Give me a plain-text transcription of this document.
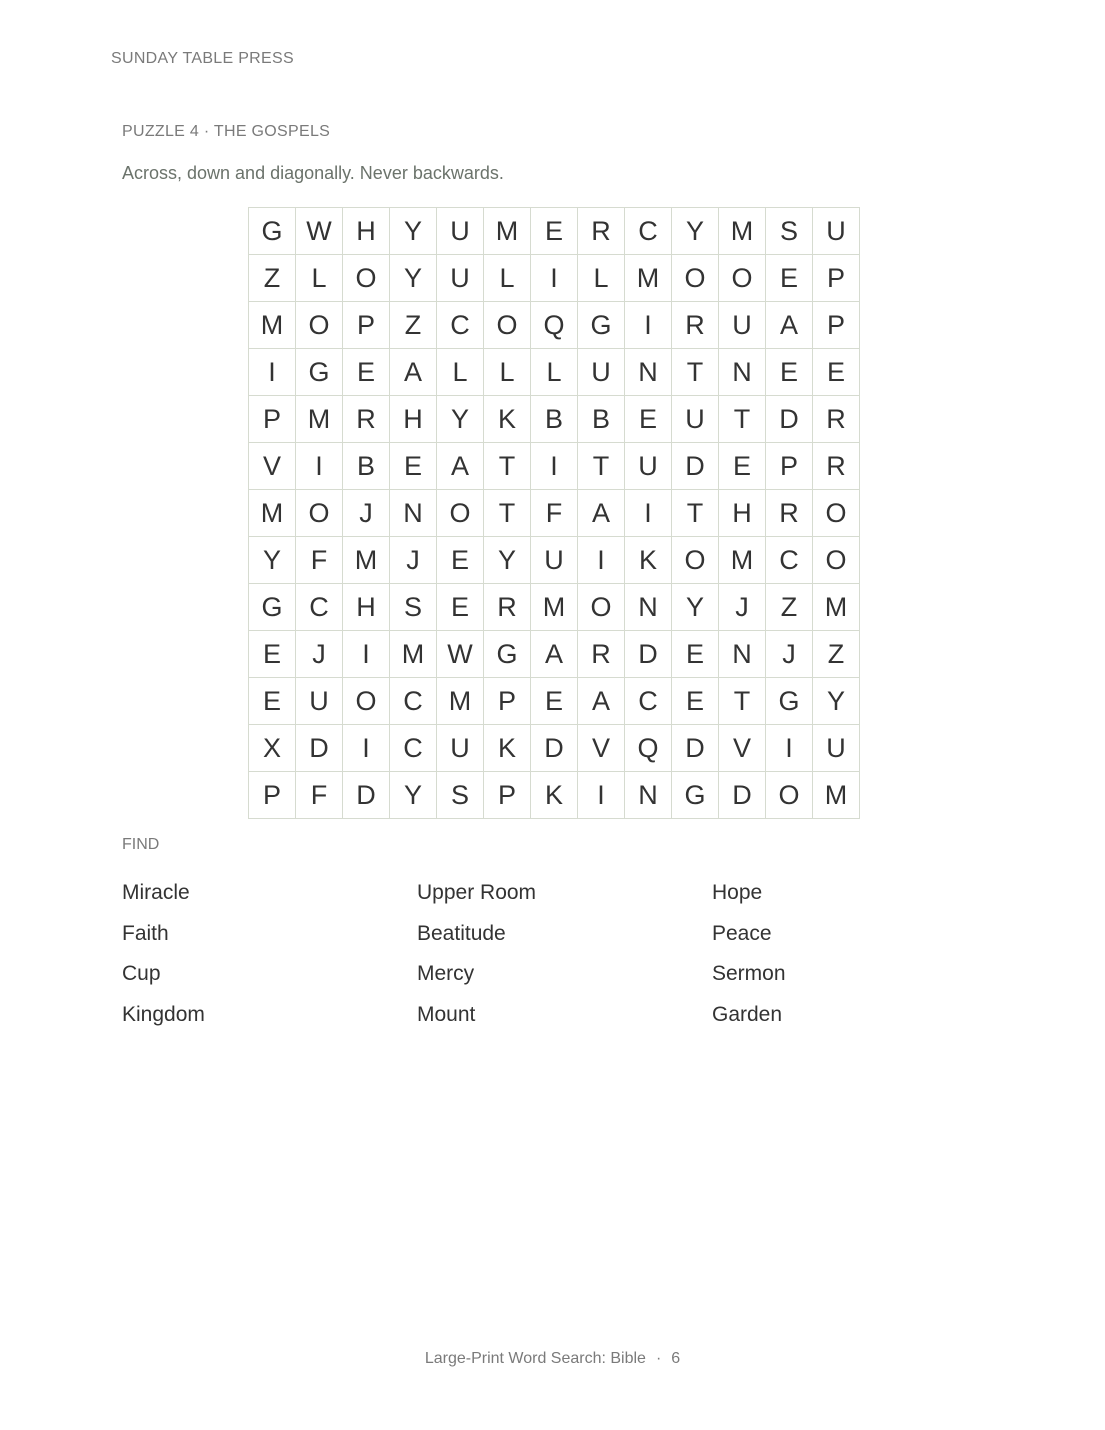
SUNDAY TABLE PRESS
PUZZLE 4 · THE GOSPELS
Across, down and diagonally. Never backwards.
G W H	Y	U M E	R	C	Y M S	U
Z	L	O	Y	U	L	I	L	M O O	E	P
M O	P	Z	C O Q G	I	R	U	A	P
I	G	E	A	L	L	L	U	N	T	N	E	E
P M R	H	Y	K	B	B	E	U	T	D	R
V	I	B	E	A	T	I	T	U	D	E	P	R
M O	J	N O	T	F	A	I	T	H	R O
Y	F	M	J	E	Y	U	I	K	O M C O
G C	H	S	E	R M O N	Y	J	Z	M
E	J	I	M W G	A	R	D	E	N	J	Z
E	U O C M P	E	A	C	E	T	G	Y
X	D	I	C	U	K	D	V	Q D	V	I	U
P	F	D	Y	S	P	K	I	N G D O M
FIND
Miracle	Upper Room	Hope
Faith	Beatitude	Peace
Cup	Mercy	Sermon
Kingdom	Mount	Garden
Large-Print Word Search: Bible · 6
